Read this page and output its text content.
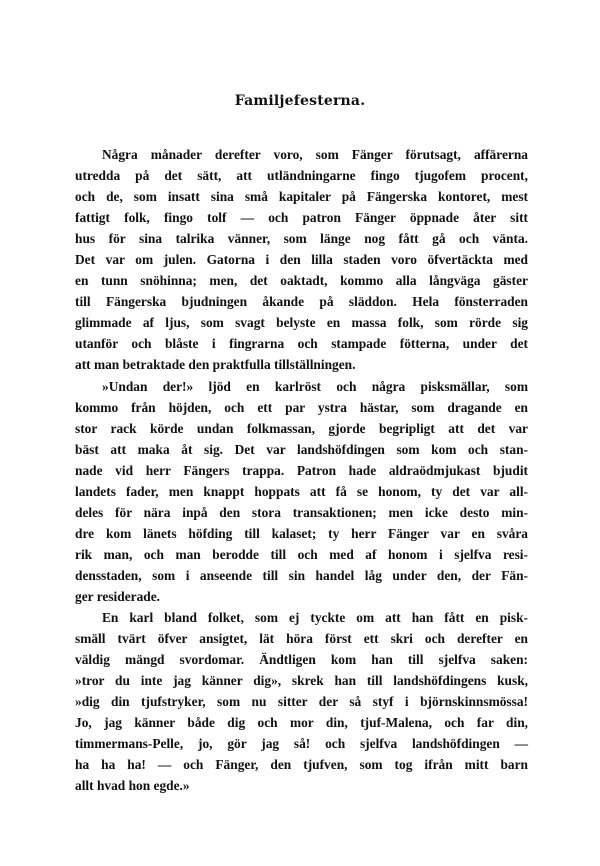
Familjefesterna.
Några månader derefter voro, som Fänger förutsagt, affärerna
utredda på det sätt, att utländningarne fingo tjugofem procent,
och de, som insatt sina små kapitaler på Fängerska kontoret, mest
fattigt folk, fingo tolf — och patron Fänger öppnade åter sitt
hus för sina talrika vänner, som länge nog fått gå och vänta.
Det var om julen. Gatorna i den lilla staden voro öfvertäckta med
en tunn snöhinna; men, det oaktadt, kommo alla långväga gäster
till Fängerska bjudningen åkande på släddon. Hela fönsterraden
glimmade af ljus, som svagt belyste en massa folk, som rörde sig
utanför och blåste i fingrarna och stampade fötterna, under det
att man betraktade den praktfulla tillställningen.
»Undan der!» ljöd en karlröst och några pisksmällar, som
kommo från höjden, och ett par ystra hästar, som dragande en
stor rack körde undan folkmassan, gjorde begripligt att det var
bäst att maka åt sig. Det var landshöfdingen som kom och stan-
nade vid herr Fängers trappa. Patron hade aldraödmjukast bjudit
landets fader, men knappt hoppats att få se honom, ty det var all-
deles för nära inpå den stora transaktionen; men icke desto min-
dre kom länets höfding till kalaset; ty herr Fänger var en svåra
rik man, och man berodde till och med af honom i sjelfva resi-
densstaden, som i anseende till sin handel låg under den, der Fän-
ger residerade.
En karl bland folket, som ej tyckte om att han fått en pisk-
smäll tvärt öfver ansigtet, lät höra först ett skri och derefter en
väldig mängd svordomar. Ändtligen kom han till sjelfva saken:
»tror du inte jag känner dig», skrek han till landshöfdingens kusk,
»dig din tjufstryker, som nu sitter der så styf i björnskinnsmössa!
Jo, jag känner både dig och mor din, tjuf-Malena, och far din,
timmermans-Pelle, jo, gör jag så! och sjelfva landshöfdingen —
ha ha ha! — och Fänger, den tjufven, som tog ifrån mitt barn
allt hvad hon egde.»
